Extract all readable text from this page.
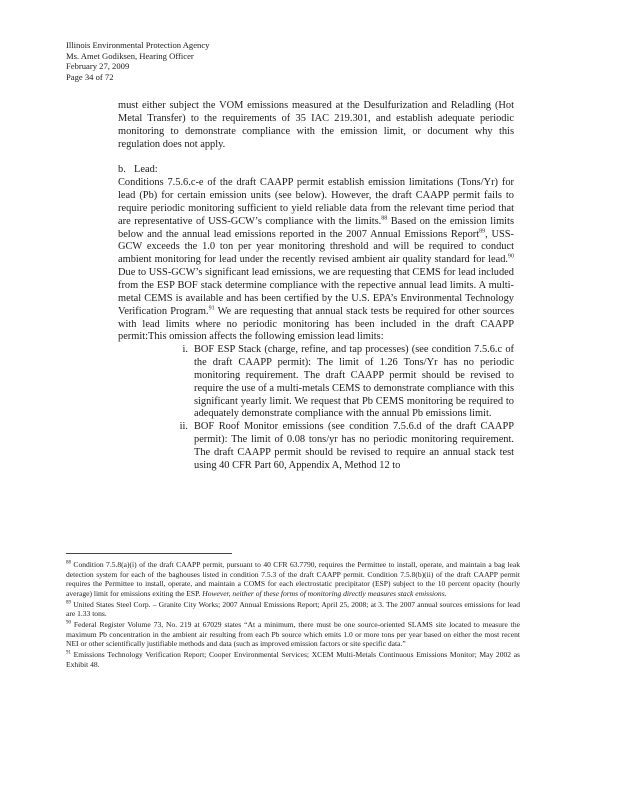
Illinois Environmental Protection Agency
Ms. Amet Godiksen, Hearing Officer
February 27, 2009
Page 34 of 72

must either subject the VOM emissions measured at the Desulfurization and Reladling (Hot Metal Transfer) to the requirements of 35 IAC 219.301, and establish adequate periodic monitoring to demonstrate compliance with the emission limit, or document why this regulation does not apply.

b. Lead:

Conditions 7.5.6.c-e of the draft CAAPP permit establish emission limitations (Tons/Yr) for lead (Pb) for certain emission units (see below). However, the draft CAAPP permit fails to require periodic monitoring sufficient to yield reliable data from the relevant time period that are representative of USS-GCW’s compliance with the limits.$^{88}$ Based on the emission limits below and the annual lead emissions reported in the 2007 Annual Emissions Report$^{89}$, USS-GCW exceeds the 1.0 ton per year monitoring threshold and will be required to conduct ambient monitoring for lead under the recently revised ambient air quality standard for lead.$^{90}$ Due to USS-GCW’s significant lead emissions, we are requesting that CEMS for lead included from the ESP BOF stack determine compliance with the repective annual lead limits. A multi-metal CEMS is available and has been certified by the U.S. EPA’s Environmental Technology Verification Program.$^{91}$ We are requesting that annual stack tests be required for other sources with lead limits where no periodic monitoring has been included in the draft CAAPP permit:This omission affects the following emission lead limits:

i. BOF ESP Stack (charge, refine, and tap processes) (see condition 7.5.6.c of the draft CAAPP permit): The limit of 1.26 Tons/Yr has no periodic monitoring requirement. The draft CAAPP permit should be revised to require the use of a multi-metals CEMS to demonstrate compliance with this significant yearly limit. We request that Pb CEMS monitoring be required to adequately demonstrate compliance with the annual Pb emissions limit.
ii. BOF Roof Monitor emissions (see condition 7.5.6.d of the draft CAAPP permit): The limit of 0.08 tons/yr has no periodic monitoring requirement. The draft CAAPP permit should be revised to require an annual stack test using 40 CFR Part 60, Appendix A, Method 12 to

$^{88}$ Condition 7.5.8(a)(i) of the draft CAAPP permit, pursuant to 40 CFR 63.7790, requires the Permittee to install, operate, and maintain a bag leak detection system for each of the baghouses listed in condition 7.5.3 of the draft CAAPP permit. Condition 7.5.8(b)(ii) of the draft CAAPP permit requires the Permittee to install, operate, and maintain a COMS for each electrostatic precipitator (ESP) subject to the 10 percent opacity (hourly average) limit for emissions exiting the ESP. However, neither of these forms of monitoring directly measures stack emissions.

$^{89}$ United States Steel Corp. – Granite City Works; 2007 Annual Emissions Report; April 25, 2008; at 3. The 2007 annual sources emissions for lead are 1.33 tons.

$^{90}$ Federal Register Volume 73, No. 219 at 67029 states “At a minimum, there must be one source-oriented SLAMS site located to measure the maximum Pb concentration in the ambient air resulting from each Pb source which emits 1.0 or more tons per year based on either the most recent NEI or other scientifically justifiable methods and data (such as improved emission factors or site specific data.”

$^{91}$ Emissions Technology Verification Report; Cooper Environmental Services; XCEM Multi-Metals Continuous Emissions Monitor; May 2002 as Exhibit 48.
